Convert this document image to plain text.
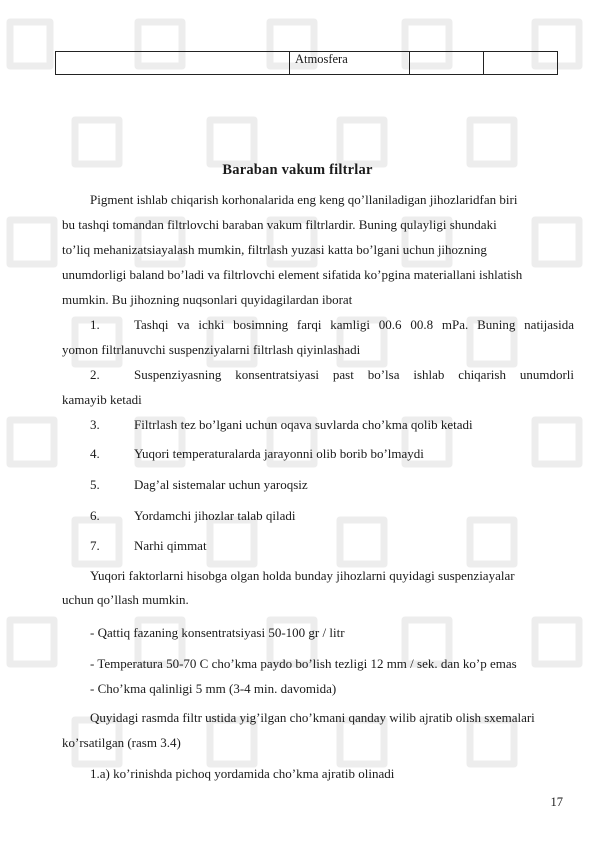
	Atmosfera		
Baraban vakum filtrlar
Pigment ishlab chiqarish korhonalarida eng keng qo’llaniladigan jihozlaridfan biri
bu tashqi tomandan filtrlovchi baraban vakum filtrlardir. Buning qulayligi shundaki
to’liq mehanizatsiayalash mumkin, filtrlash yuzasi katta bo’lgani uchun jihozning
unumdorligi baland bo’ladi va filtrlovchi element sifatida ko’pgina materiallani ishlatish
mumkin. Bu jihozning nuqsonlari quyidagilardan iborat
1.	Tashqi va ichki bosimning farqi kamligi 00.6 00.8 mPa. Buning natijasida
yomon filtrlanuvchi suspenziyalarni filtrlash qiyinlashadi
2.	Suspenziyasning konsentratsiyasi past bo’lsa ishlab chiqarish unumdorli
kamayib ketadi
3.	Filtrlash tez bo’lgani uchun oqava suvlarda cho’kma qolib ketadi
4.	Yuqori temperaturalarda jarayonni olib borib bo’lmaydi
5.	Dag’al sistemalar uchun yaroqsiz
6.	Yordamchi jihozlar talab qiladi
7.	Narhi qimmat
Yuqori faktorlarni hisobga olgan holda bunday jihozlarni quyidagi suspenziayalar
uchun qo’llash mumkin.
- Qattiq fazaning konsentratsiyasi 50-100 gr / litr
- Temperatura 50-70 C cho’kma paydo bo’lish tezligi 12 mm / sek. dan ko’p emas
- Cho’kma qalinligi 5 mm (3-4 min. davomida)
Quyidagi rasmda filtr ustida yig’ilgan cho’kmani qanday wilib ajratib olish sxemalari
ko’rsatilgan (rasm 3.4)
1.a) ko’rinishda pichoq yordamida cho’kma ajratib olinadi
17
